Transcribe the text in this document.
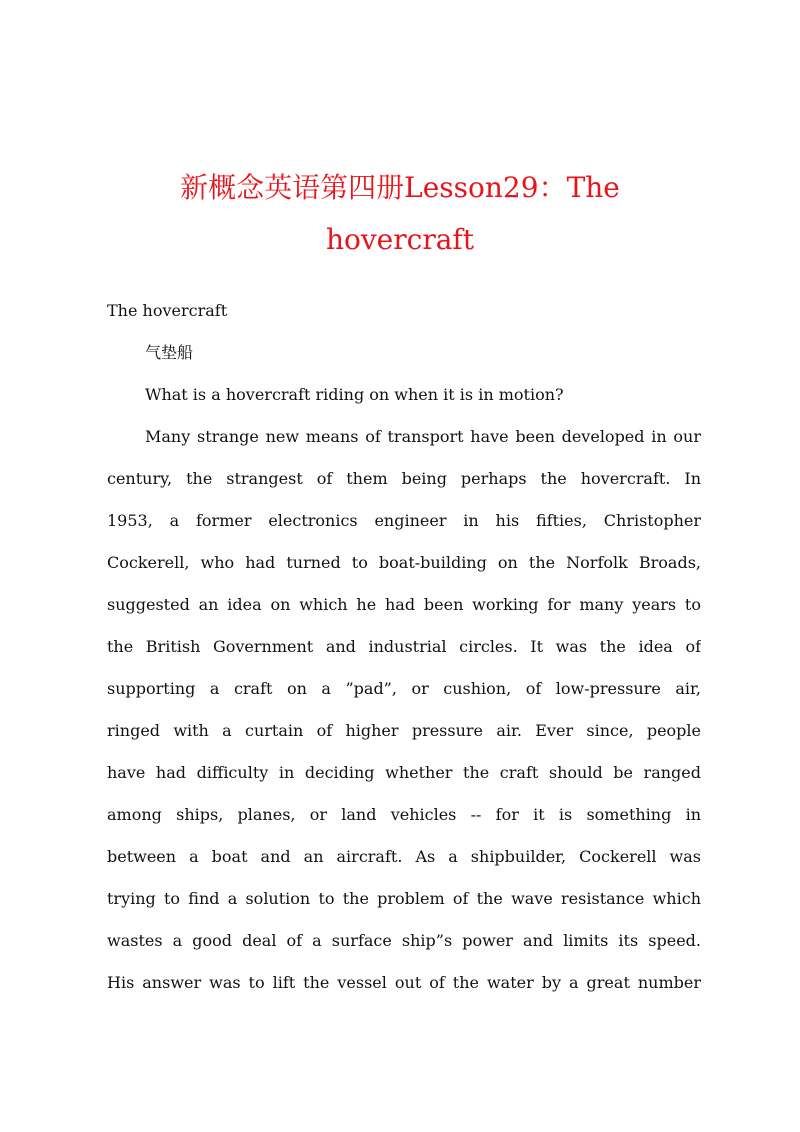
新概念英语第四册Lesson29：The
hovercraft
The hovercraft
气垫船
What is a hovercraft riding on when it is in motion?
Many strange new means of transport have been developed in our
century, the strangest of them being perhaps the hovercraft. In
1953, a former electronics engineer in his fifties, Christopher
Cockerell, who had turned to boat-building on the Norfolk Broads,
suggested an idea on which he had been working for many years to
the British Government and industrial circles. It was the idea of
supporting a craft on a ”pad”, or cushion, of low-pressure air,
ringed with a curtain of higher pressure air. Ever since, people
have had difficulty in deciding whether the craft should be ranged
among ships, planes, or land vehicles -- for it is something in
between a boat and an aircraft. As a shipbuilder, Cockerell was
trying to find a solution to the problem of the wave resistance which
wastes a good deal of a surface ship”s power and limits its speed.
His answer was to lift the vessel out of the water by a great number
